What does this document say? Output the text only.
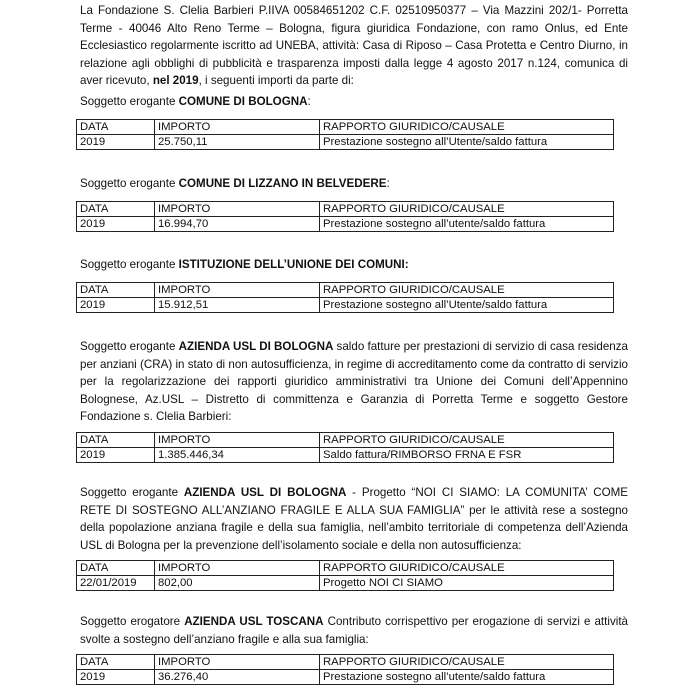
La Fondazione S. Clelia Barbieri P.IIVA 00584651202 C.F. 02510950377 – Via Mazzini 202/1- Porretta Terme - 40046 Alto Reno Terme – Bologna, figura giuridica Fondazione, con ramo Onlus, ed Ente Ecclesiastico regolarmente iscritto ad UNEBA, attività: Casa di Riposo – Casa Protetta e Centro Diurno, in relazione agli obblighi di pubblicità e trasparenza imposti dalla legge 4 agosto 2017 n.124, comunica di aver ricevuto, nel 2019, i seguenti importi da parte di:

Soggetto erogante COMUNE DI BOLOGNA:

DATA	IMPORTO	RAPPORTO GIURIDICO/CAUSALE
2019	25.750,11	Prestazione sostegno all’Utente/saldo fattura

Soggetto erogante COMUNE DI LIZZANO IN BELVEDERE:

DATA	IMPORTO	RAPPORTO GIURIDICO/CAUSALE
2019	16.994,70	Prestazione sostegno all’utente/saldo fattura

Soggetto erogante ISTITUZIONE DELL’UNIONE DEI COMUNI:

DATA	IMPORTO	RAPPORTO GIURIDICO/CAUSALE
2019	15.912,51	Prestazione sostegno all’Utente/saldo fattura

Soggetto erogante AZIENDA USL DI BOLOGNA saldo fatture per prestazioni di servizio di casa residenza per anziani (CRA) in stato di non autosufficienza, in regime di accreditamento come da contratto di servizio per la regolarizzazione dei rapporti giuridico amministrativi tra Unione dei Comuni dell’Appennino Bolognese, Az.USL – Distretto di committenza e Garanzia di Porretta Terme e soggetto Gestore Fondazione s. Clelia Barbieri:

DATA	IMPORTO	RAPPORTO GIURIDICO/CAUSALE
2019	1.385.446,34	Saldo fattura/RIMBORSO FRNA E FSR

Soggetto erogante AZIENDA USL DI BOLOGNA - Progetto “NOI CI SIAMO: LA COMUNITA’ COME RETE DI SOSTEGNO ALL’ANZIANO FRAGILE E ALLA SUA FAMIGLIA” per le attività rese a sostegno della popolazione anziana fragile e della sua famiglia, nell’ambito territoriale di competenza dell’Azienda USL di Bologna per la prevenzione dell’isolamento sociale e della non autosufficienza:

DATA	IMPORTO	RAPPORTO GIURIDICO/CAUSALE
22/01/2019	802,00	Progetto NOI CI SIAMO

Soggetto erogatore AZIENDA USL TOSCANA Contributo corrispettivo per erogazione di servizi e attività svolte a sostegno dell’anziano fragile e alla sua famiglia:

DATA	IMPORTO	RAPPORTO GIURIDICO/CAUSALE
2019	36.276,40	Prestazione sostegno all’utente/saldo fattura
